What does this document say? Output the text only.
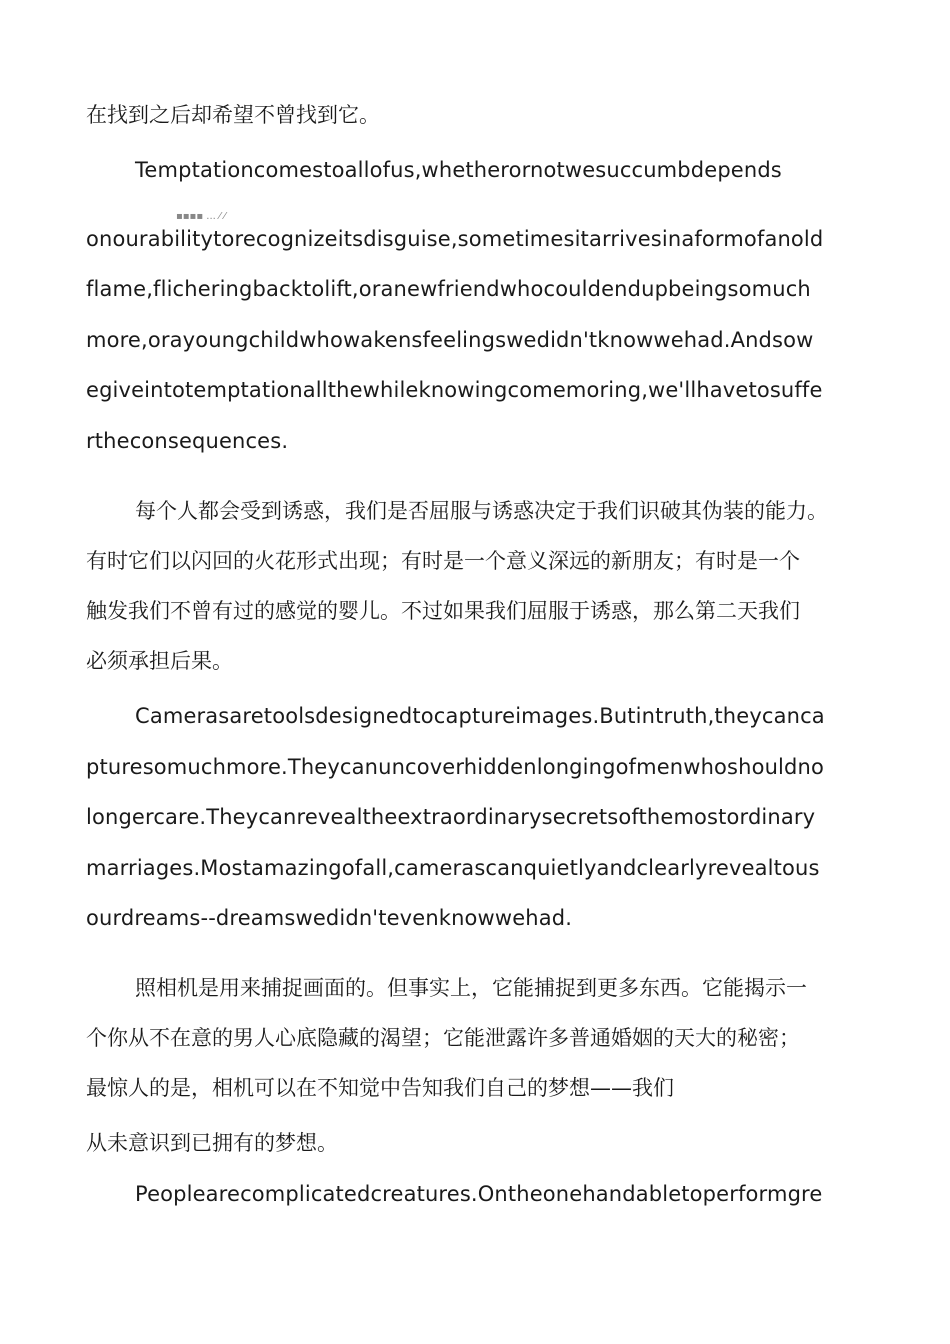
在找到之后却希望不曾找到它。

Temptationcomestoallofus,whetherornotwesuccumbdepends

▪▪▪▪ ... ⁄ ⁄

onourabilitytorecognizeitsdisguise,sometimesitarrivesinaformofanold

flame,flicheringbacktolift,oranewfriendwhocouldendupbeingsomuch

more,orayoungchildwhowakensfeelingswedidn'tknowwehad.Andsow

egiveintotemptationallthewhileknowingcomemoring,we'llhavetosuffe

rtheconsequences.

每个人都会受到诱惑，我们是否屈服与诱惑决定于我们识破其伪装的能力。

有时它们以闪回的火花形式出现；有时是一个意义深远的新朋友；有时是一个

触发我们不曾有过的感觉的婴儿。不过如果我们屈服于诱惑，那么第二天我们

必须承担后果。

Camerasaretoolsdesignedtocaptureimages.Butintruth,theycanca

pturesomuchmore.Theycanuncoverhiddenlongingofmenwhoshouldno

longercare.Theycanrevealtheextraordinarysecretsofthemostordinary

marriages.Mostamazingofall,camerascanquietlyandclearlyrevealtous

ourdreams--dreamswedidn'tevenknowwehad.

照相机是用来捕捉画面的。但事实上，它能捕捉到更多东西。它能揭示一

个你从不在意的男人心底隐藏的渴望；它能泄露许多普通婚姻的天大的秘密；

最惊人的是，相机可以在不知觉中告知我们自己的梦想——我们

从未意识到已拥有的梦想。

Peoplearecomplicatedcreatures.Ontheonehandabletoperformgre
